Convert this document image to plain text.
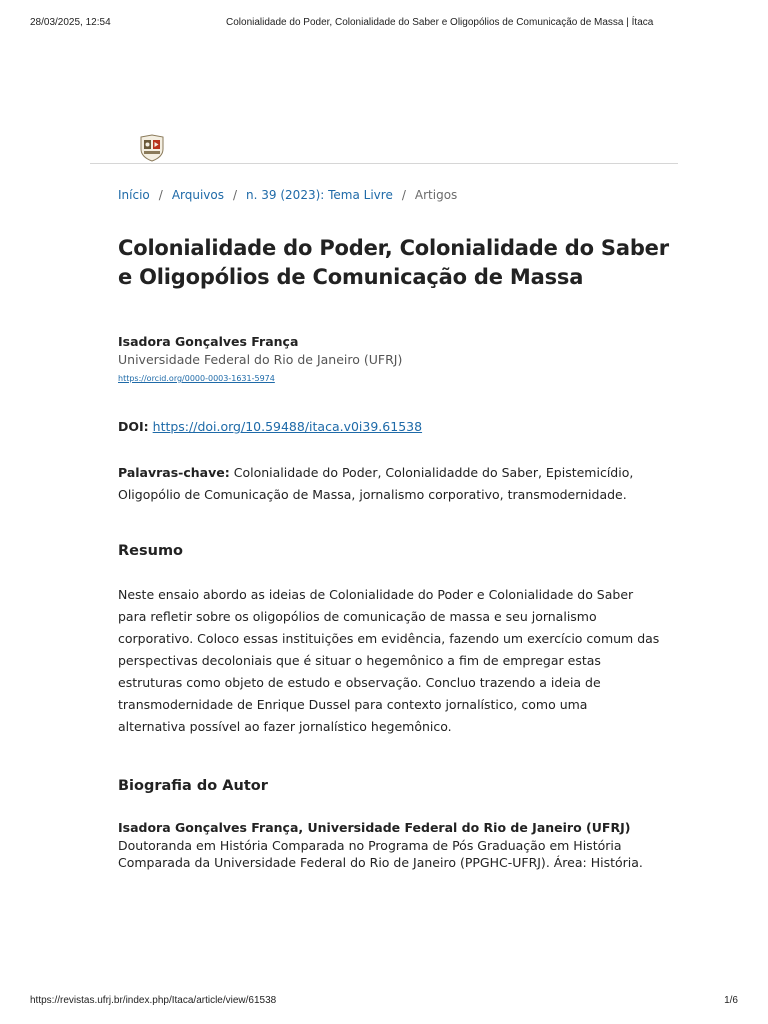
28/03/2025, 12:54	Colonialidade do Poder, Colonialidade do Saber e Oligopólios de Comunicação de Massa | Ítaca
Início / Arquivos / n. 39 (2023): Tema Livre / Artigos
Colonialidade do Poder, Colonialidade do Saber
e Oligopólios de Comunicação de Massa
Isadora Gonçalves França
Universidade Federal do Rio de Janeiro (UFRJ)
https://orcid.org/0000-0003-1631-5974
DOI: https://doi.org/10.59488/itaca.v0i39.61538
Palavras-chave: Colonialidade do Poder, Colonialidadde do Saber, Epistemicídio,
Oligopólio de Comunicação de Massa, jornalismo corporativo, transmodernidade.
Resumo

Neste ensaio abordo as ideias de Colonialidade do Poder e Colonialidade do Saber

para refletir sobre os oligopólios de comunicação de massa e seu jornalismo

corporativo. Coloco essas instituições em evidência, fazendo um exercício comum das

perspectivas decoloniais que é situar o hegemônico a fim de empregar estas

estruturas como objeto de estudo e observação. Concluo trazendo a ideia de

transmodernidade de Enrique Dussel para contexto jornalístico, como uma

alternativa possível ao fazer jornalístico hegemônico.

Biografia do Autor
Isadora Gonçalves França, Universidade Federal do Rio de Janeiro (UFRJ)
Doutoranda em História Comparada no Programa de Pós Graduação em História
Comparada da Universidade Federal do Rio de Janeiro (PPGHC-UFRJ). Área: História.
https://revistas.ufrj.br/index.php/Itaca/article/view/61538	1/6
